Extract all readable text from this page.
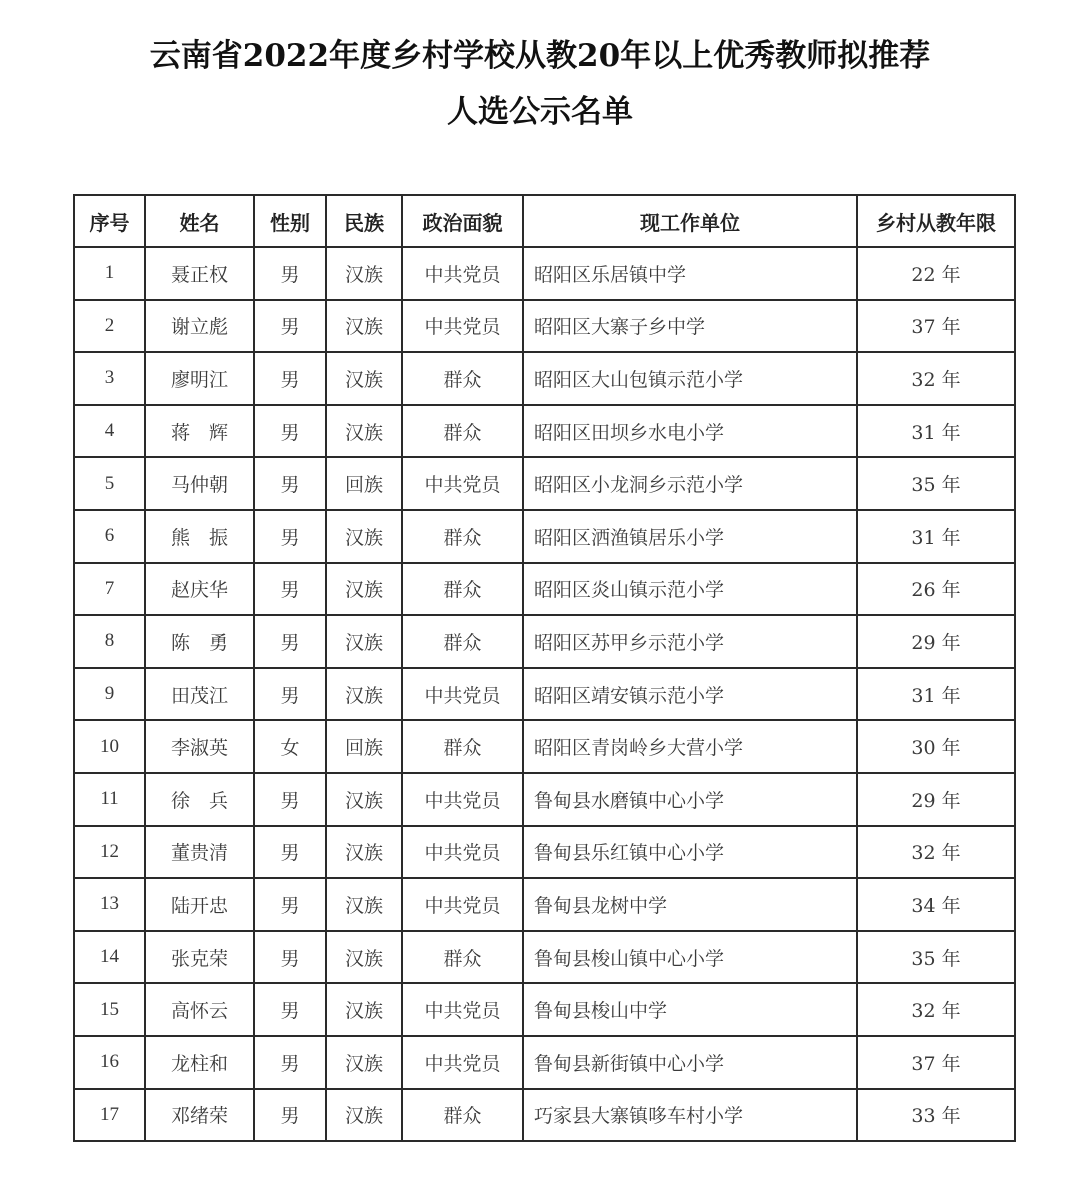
云南省2022年度乡村学校从教20年以上优秀教师拟推荐
人选公示名单
序号	姓名	性别	民族	政治面貌	现工作单位	乡村从教年限
1	聂正权	男	汉族	中共党员	昭阳区乐居镇中学	22 年
2	谢立彪	男	汉族	中共党员	昭阳区大寨子乡中学	37 年
3	廖明江	男	汉族	群众	昭阳区大山包镇示范小学	32 年
4	蒋　辉	男	汉族	群众	昭阳区田坝乡水电小学	31 年
5	马仲朝	男	回族	中共党员	昭阳区小龙洞乡示范小学	35 年
6	熊　振	男	汉族	群众	昭阳区洒渔镇居乐小学	31 年
7	赵庆华	男	汉族	群众	昭阳区炎山镇示范小学	26 年
8	陈　勇	男	汉族	群众	昭阳区苏甲乡示范小学	29 年
9	田茂江	男	汉族	中共党员	昭阳区靖安镇示范小学	31 年
10	李淑英	女	回族	群众	昭阳区青岗岭乡大营小学	30 年
11	徐　兵	男	汉族	中共党员	鲁甸县水磨镇中心小学	29 年
12	董贵清	男	汉族	中共党员	鲁甸县乐红镇中心小学	32 年
13	陆开忠	男	汉族	中共党员	鲁甸县龙树中学	34 年
14	张克荣	男	汉族	群众	鲁甸县梭山镇中心小学	35 年
15	高怀云	男	汉族	中共党员	鲁甸县梭山中学	32 年
16	龙柱和	男	汉族	中共党员	鲁甸县新街镇中心小学	37 年
17	邓绪荣	男	汉族	群众	巧家县大寨镇哆车村小学	33 年
